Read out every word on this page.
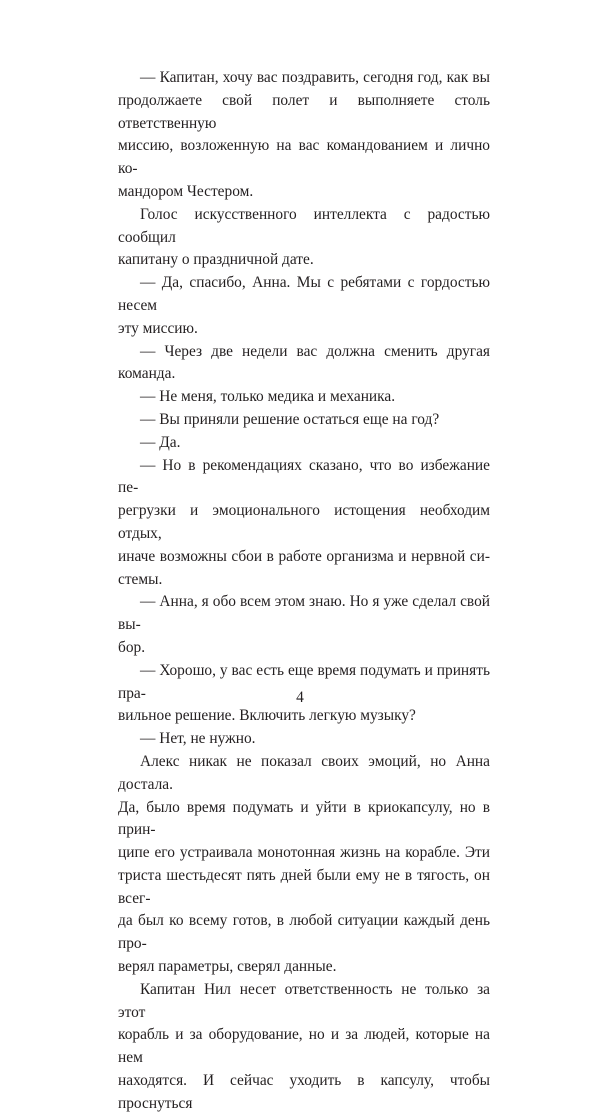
— Капитан, хочу вас поздравить, сегодня год, как вы
продолжаете свой полет и выполняете столь ответственную
миссию, возложенную на вас командованием и лично ко-
мандором Честером.

Голос искусственного интеллекта с радостью сообщил
капитану о праздничной дате.

— Да, спасибо, Анна. Мы с ребятами с гордостью несем
эту миссию.

— Через две недели вас должна сменить другая команда.

— Не меня, только медика и механика.

— Вы приняли решение остаться еще на год?

— Да.

— Но в рекомендациях сказано, что во избежание пе-
регрузки и эмоционального истощения необходим отдых,
иначе возможны сбои в работе организма и нервной си-
стемы.

— Анна, я обо всем этом знаю. Но я уже сделал свой вы-
бор.

— Хорошо, у вас есть еще время подумать и принять пра-
вильное решение. Включить легкую музыку?

— Нет, не нужно.

Алекс никак не показал своих эмоций, но Анна достала.
Да, было время подумать и уйти в криокапсулу, но в прин-
ципе его устраивала монотонная жизнь на корабле. Эти
триста шестьдесят пять дней были ему не в тягость, он всег-
да был ко всему готов, в любой ситуации каждый день про-
верял параметры, сверял данные.

Капитан Нил несет ответственность не только за этот
корабль и за оборудование, но и за людей, которые на нем
находятся. И сейчас уходить в капсулу, чтобы проснуться

4
